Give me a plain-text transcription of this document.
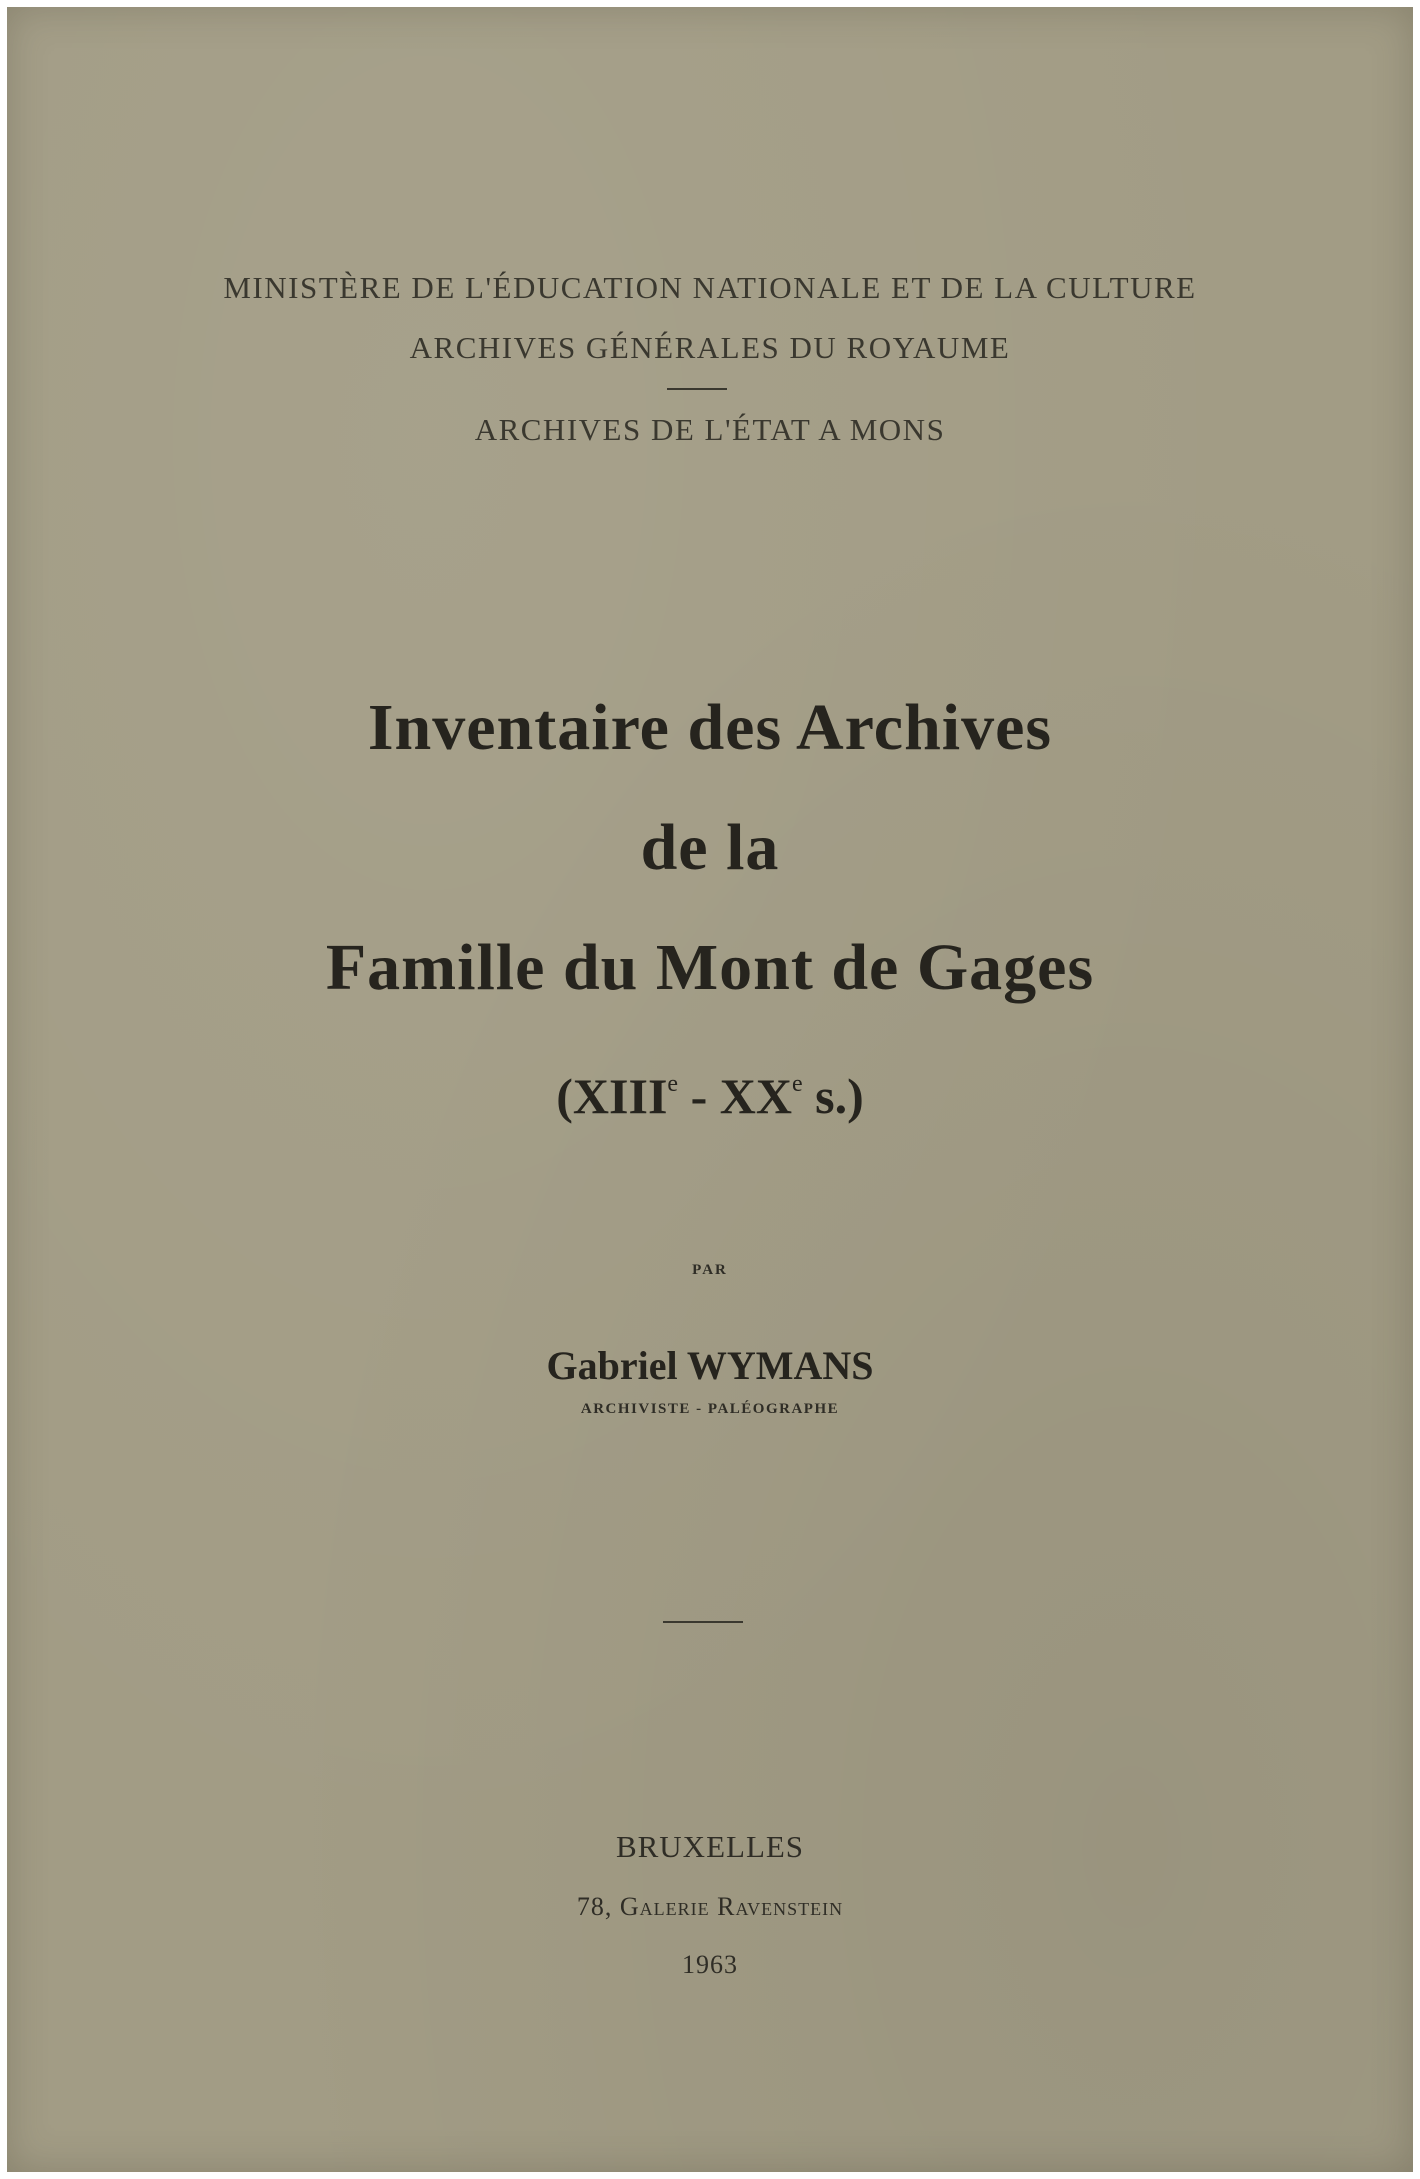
MINISTÈRE DE L'ÉDUCATION NATIONALE ET DE LA CULTURE
ARCHIVES GÉNÉRALES DU ROYAUME
ARCHIVES DE L'ÉTAT A MONS
Inventaire des Archives
de la
Famille du Mont de Gages
(XIIIe - XXe s.)
PAR
Gabriel WYMANS
ARCHIVISTE - PALÉOGRAPHE
BRUXELLES
78, Galerie Ravenstein
1963
